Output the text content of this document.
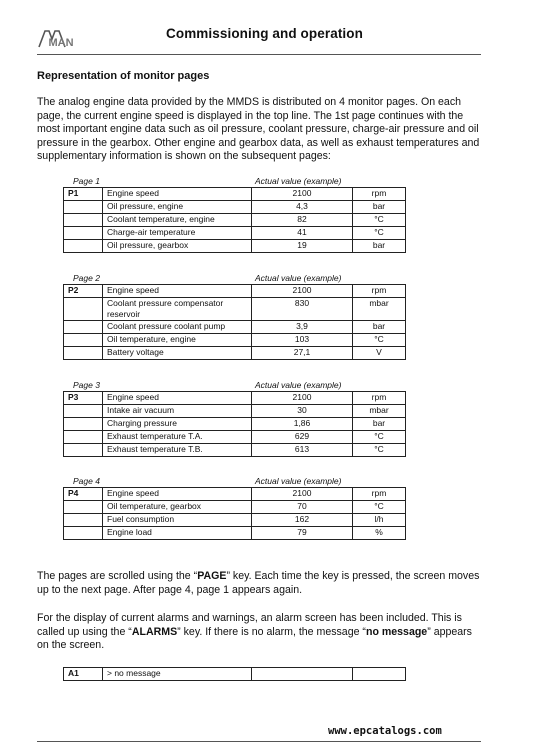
MAN
Commissioning and operation
Representation of monitor pages

The analog engine data provided by the MMDS is distributed on 4 monitor pages. On each page, the current engine speed is displayed in the top line. The 1st page continues with the most important engine data such as oil pressure, coolant pressure, charge-air pressure and oil pressure in the gearbox. Other engine and gearbox data, as well as exhaust temperatures and supplementary information is shown on the subsequent pages:

Page 1	Actual value (example)
P1	Engine speed	2100	rpm
	Oil pressure, engine	4,3	bar
	Coolant temperature, engine	82	°C
	Charge-air temperature	41	°C
	Oil pressure, gearbox	19	bar
Page 2	Actual value (example)
P2	Engine speed	2100	rpm
	Coolant pressure compensator reservoir	830	mbar
	Coolant pressure coolant pump	3,9	bar
	Oil temperature, engine	103	°C
	Battery voltage	27,1	V
Page 3	Actual value (example)
P3	Engine speed	2100	rpm
	Intake air vacuum	30	mbar
	Charging pressure	1,86	bar
	Exhaust temperature T.A.	629	°C
	Exhaust temperature T.B.	613	°C
Page 4	Actual value (example)
P4	Engine speed	2100	rpm
	Oil temperature, gearbox	70	°C
	Fuel consumption	162	l/h
	Engine load	79	%

The pages are scrolled using the “PAGE” key. Each time the key is pressed, the screen moves up to the next page. After page 4, page 1 appears again.

For the display of current alarms and warnings, an alarm screen has been included. This is called up using the “ALARMS” key. If there is no alarm, the message “no message” appears on the screen.

A1	> no message		
www.epcatalogs.com
